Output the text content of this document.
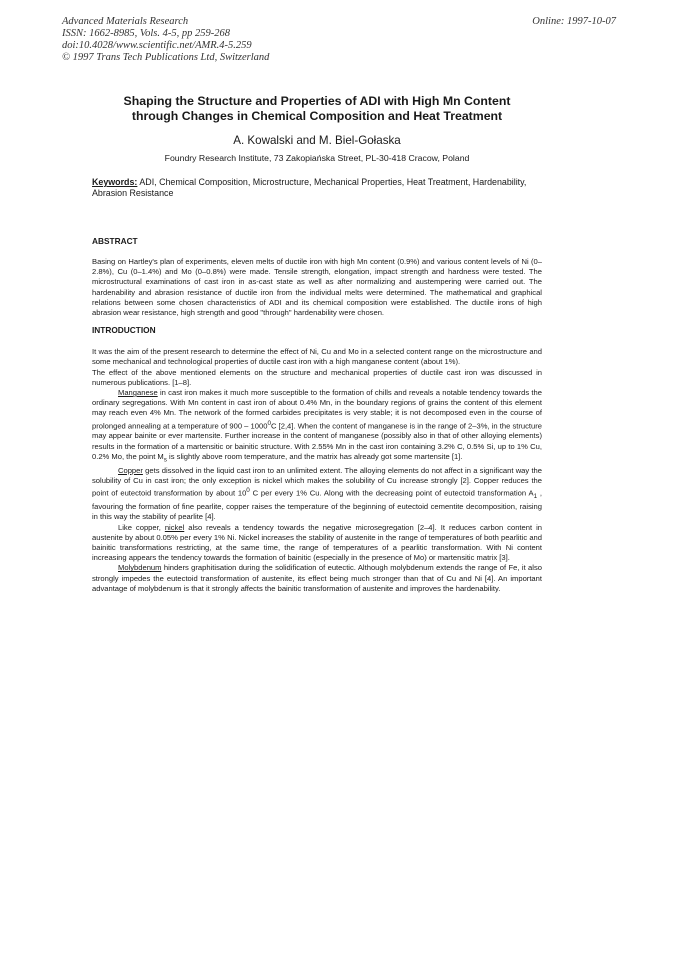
Advanced Materials Research
ISSN: 1662-8985, Vols. 4-5, pp 259-268
doi:10.4028/www.scientific.net/AMR.4-5.259
© 1997 Trans Tech Publications Ltd, Switzerland
Online: 1997-10-07
Shaping the Structure and Properties of ADI with High Mn Content
through Changes in Chemical Composition and Heat Treatment
A. Kowalski and M. Biel-Gołaska
Foundry Research Institute, 73 Zakopiańska Street, PL-30-418 Cracow, Poland
Keywords: ADI, Chemical Composition, Microstructure, Mechanical Properties, Heat Treatment, Hardenability, Abrasion Resistance
ABSTRACT

Basing on Hartley's plan of experiments, eleven melts of ductile iron with high Mn content (0.9%) and various content levels of Ni (0–2.8%), Cu (0–1.4%) and Mo (0–0.8%) were made. Tensile strength, elongation, impact strength and hardness were tested. The microstructural examinations of cast iron in as-cast state as well as after normalizing and austempering were carried out. The hardenability and abrasion resistance of ductile iron from the individual melts were determined. The mathematical and graphical relations between some chosen characteristics of ADI and its chemical composition were established. The ductile irons of high abrasion wear resistance, high strength and good "through" hardenability were chosen.

INTRODUCTION

It was the aim of the present research to determine the effect of Ni, Cu and Mo in a selected content range on the microstructure and some mechanical and technological properties of ductile cast iron with a high manganese content (about 1%).

The effect of the above mentioned elements on the structure and mechanical properties of ductile cast iron was discussed in numerous publications. [1–8].

Manganese in cast iron makes it much more susceptible to the formation of chills and reveals a notable tendency towards the ordinary segregations. With Mn content in cast iron of about 0.4% Mn, in the boundary regions of grains the content of this element may reach even 4% Mn. The network of the formed carbides precipitates is very stable; it is not decomposed even in the course of prolonged annealing at a temperature of 900 – 1000$^0$C [2,4]. When the content of manganese is in the range of 2–3%, in the structure may appear bainite or ever martensite. Further increase in the content of manganese (possibly also in that of other alloying elements) results in the formation of a martensitic or bainitic structure. With 2.55% Mn in the cast iron containing 3.2% C, 0.5% Si, up to 1% Cu, 0.2% Mo, the point $M_s$ is slightly above room temperature, and the matrix has already got some martensite [1].

Copper gets dissolved in the liquid cast iron to an unlimited extent. The alloying elements do not affect in a significant way the solubility of Cu in cast iron; the only exception is nickel which makes the solubility of Cu increase strongly [2]. Copper reduces the point of eutectoid transformation by about $10^0$ C per every 1% Cu. Along with the decreasing point of eutectoid transformation $A_1$ , favouring the formation of fine pearlite, copper raises the temperature of the beginning of eutectoid cementite decomposition, raising in this way the stability of pearlite [4].

Like copper, nickel also reveals a tendency towards the negative microsegregation [2–4]. It reduces carbon content in austenite by about 0.05% per every 1% Ni. Nickel increases the stability of austenite in the range of temperatures of both pearlitic and bainitic transformations restricting, at the same time, the range of temperatures of a pearlitic transformation. With Ni content increasing appears the tendency towards the formation of bainitic (especially in the presence of Mo) or martensitic matrix [3].

Molybdenum hinders graphitisation during the solidification of eutectic. Although molybdenum extends the range of Fe, it also strongly impedes the eutectoid transformation of austenite, its effect being much stronger than that of Cu and Ni [4]. An important advantage of molybdenum is that it strongly affects the bainitic transformation of austenite and improves the hardenability.
